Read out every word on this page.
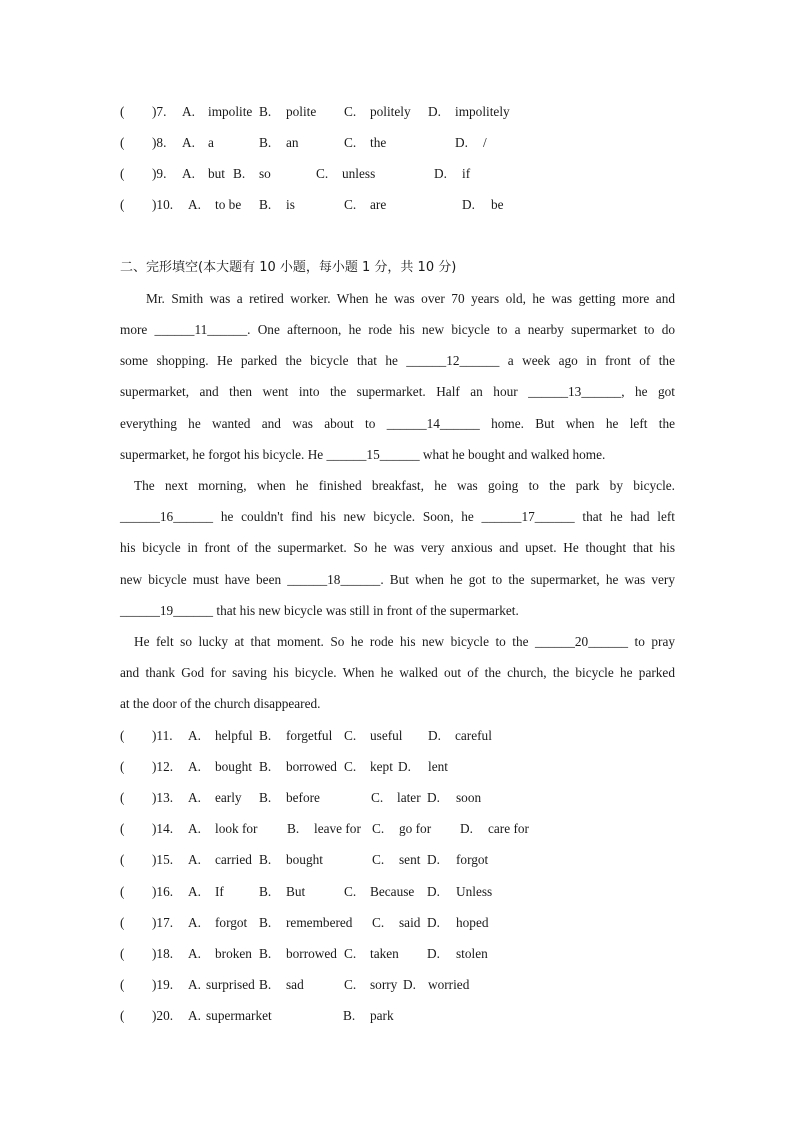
( )7. A. impolite B. polite C. politely D. impolitely
( )8. A. a	B. an	C. the	D. /
( )9. A. but B. so	C. unless	D. if
( )10. A. to be B. is	C. are	D. be
二、完形填空(本大题有 10 小题，每小题 1 分，共 10 分)
Mr. Smith was a retired worker. When he was over 70 years old, he was getting more and
more ______11______. One afternoon, he rode his new bicycle to a nearby supermarket to do
some shopping. He parked the bicycle that he ______12______ a week ago in front of the
supermarket, and then went into the supermarket. Half an hour ______13______, he got
everything he wanted and was about to ______14______ home. But when he left the
supermarket, he forgot his bicycle. He ______15______ what he bought and walked home.
The next morning, when he finished breakfast, he was going to the park by bicycle.
______16______ he couldn't find his new bicycle. Soon, he ______17______ that he had left
his bicycle in front of the supermarket. So he was very anxious and upset. He thought that his
new bicycle must have been ______18______. But when he got to the supermarket, he was very
______19______ that his new bicycle was still in front of the supermarket.
He felt so lucky at that moment. So he rode his new bicycle to the ______20______ to pray
and thank God for saving his bicycle. When he walked out of the church, the bicycle he parked
at the door of the church disappeared.
( )11. A. helpful B. forgetful C. useful D. careful
( )12. A. bought B. borrowed C. kept D. lent
( )13. A. early B. before	C. later D. soon
( )14. A. look for B. leave for C. go for D. care for
( )15. A. carried B. bought	C. sent D. forgot
( )16. A. If	B. But	C. Because D. Unless
( )17. A. forgot B. remembered C. said D. hoped
( )18. A. broken B. borrowed C. taken D. stolen
( )19. A. surprised B. sad	C. sorry D. worried
( )20. A. supermarket	B. park
